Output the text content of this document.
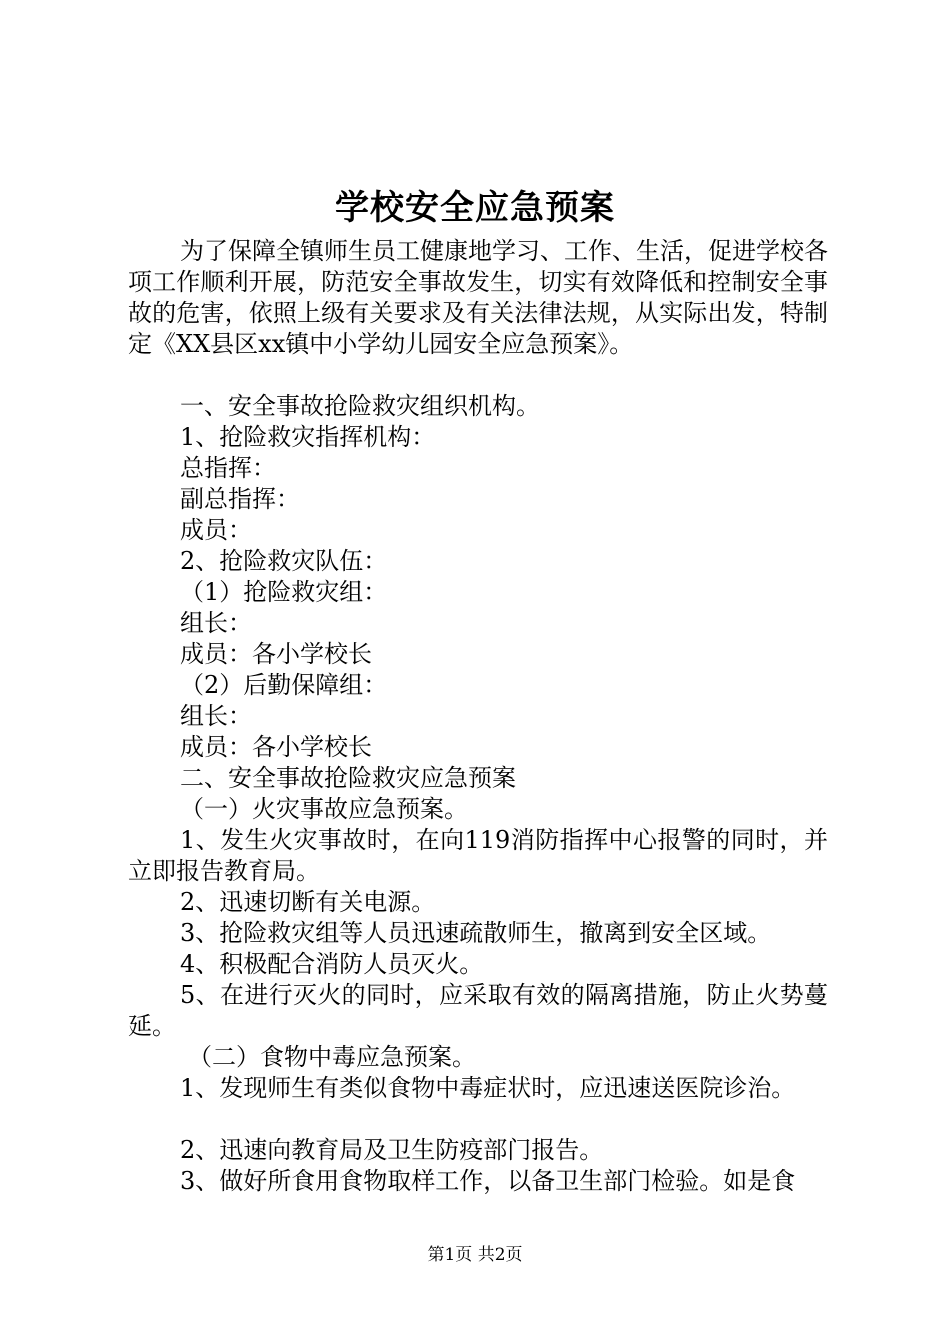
学校安全应急预案

为了保障全镇师生员工健康地学习、工作、生活，促进学校各项工作顺利开展，防范安全事故发生，切实有效降低和控制安全事故的危害，依照上级有关要求及有关法律法规，从实际出发，特制定《XX县区xx镇中小学幼儿园安全应急预案》。

一、安全事故抢险救灾组织机构。

1、抢险救灾指挥机构：

总指挥：

副总指挥：

成员：

2、抢险救灾队伍：

（1）抢险救灾组：

组长：

成员：各小学校长

（2）后勤保障组：

组长：

成员：各小学校长

二、安全事故抢险救灾应急预案

（一）火灾事故应急预案。

1、发生火灾事故时，在向119消防指挥中心报警的同时，并立即报告教育局。

2、迅速切断有关电源。

3、抢险救灾组等人员迅速疏散师生，撤离到安全区域。

4、积极配合消防人员灭火。

5、在进行灭火的同时，应采取有效的隔离措施，防止火势蔓延。

（二）食物中毒应急预案。

1、发现师生有类似食物中毒症状时，应迅速送医院诊治。

2、迅速向教育局及卫生防疫部门报告。

3、做好所食用食物取样工作，以备卫生部门检验。如是食

第1页 共2页
